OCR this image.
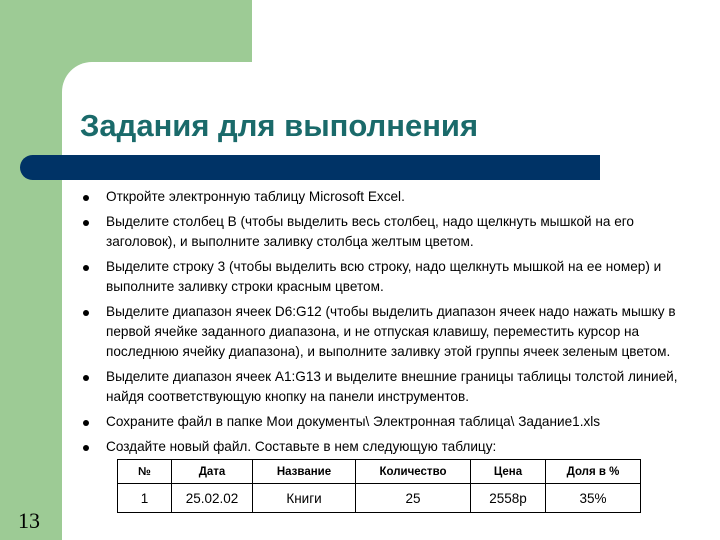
Задания для выполнения
Откройте электронную таблицу Microsoft Excel.
Выделите столбец B (чтобы выделить весь столбец, надо щелкнуть мышкой на его заголовок), и выполните заливку столбца желтым цветом.
Выделите строку 3 (чтобы выделить всю строку, надо щелкнуть мышкой на ее номер) и выполните заливку строки красным цветом.
Выделите диапазон ячеек D6:G12 (чтобы выделить диапазон ячеек надо нажать мышку в первой ячейке заданного диапазона, и не отпуская клавишу, переместить курсор на последнюю ячейку диапазона), и выполните заливку этой группы ячеек зеленым цветом.
Выделите диапазон ячеек A1:G13 и выделите внешние границы таблицы толстой линией, найдя соответствующую кнопку на панели инструментов.
Сохраните файл в папке Мои документы\ Электронная таблица\ Задание1.xls
Создайте новый файл. Составьте в нем следующую таблицу:
№	Дата	Название	Количество	Цена	Доля в %
1	25.02.02	Книги	25	2558р	35%
13
